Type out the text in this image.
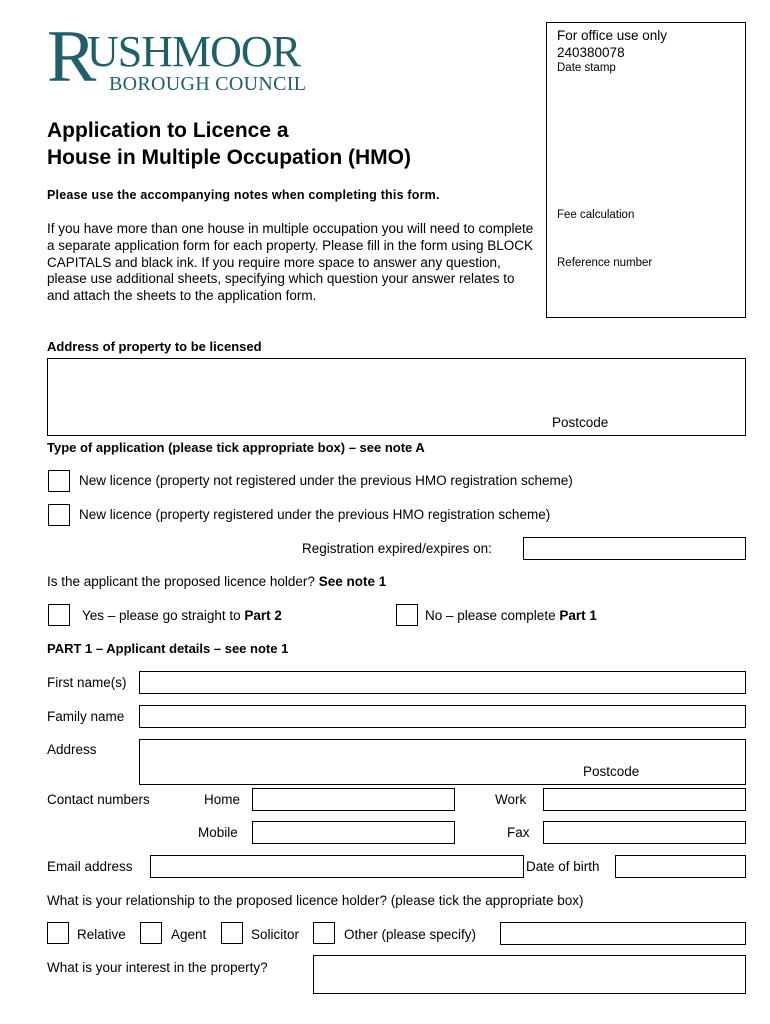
R
USHMOOR
BOROUGH COUNCIL
For office use only
240380078
Date stamp
Fee calculation
Reference number
Application to Licence a
House in Multiple Occupation (HMO)
Please use the accompanying notes when completing this form.
If you have more than one house in multiple occupation you will need to complete a separate application form for each property. Please fill in the form using BLOCK CAPITALS and black ink. If you require more space to answer any question, please use additional sheets, specifying which question your answer relates to and attach the sheets to the application form.
Address of property to be licensed
Postcode
Type of application (please tick appropriate box) – see note A
New licence (property not registered under the previous HMO registration scheme)
New licence (property registered under the previous HMO registration scheme)
Registration expired/expires on:
Is the applicant the proposed licence holder? See note 1
Yes – please go straight to Part 2	No – please complete Part 1
PART 1 – Applicant details – see note 1
First name(s)
Family name
Address
Postcode
Contact numbers	Home	Work
Mobile	Fax
Email address	Date of birth
What is your relationship to the proposed licence holder? (please tick the appropriate box)
Relative	Agent	Solicitor	Other (please specify)
What is your interest in the property?
